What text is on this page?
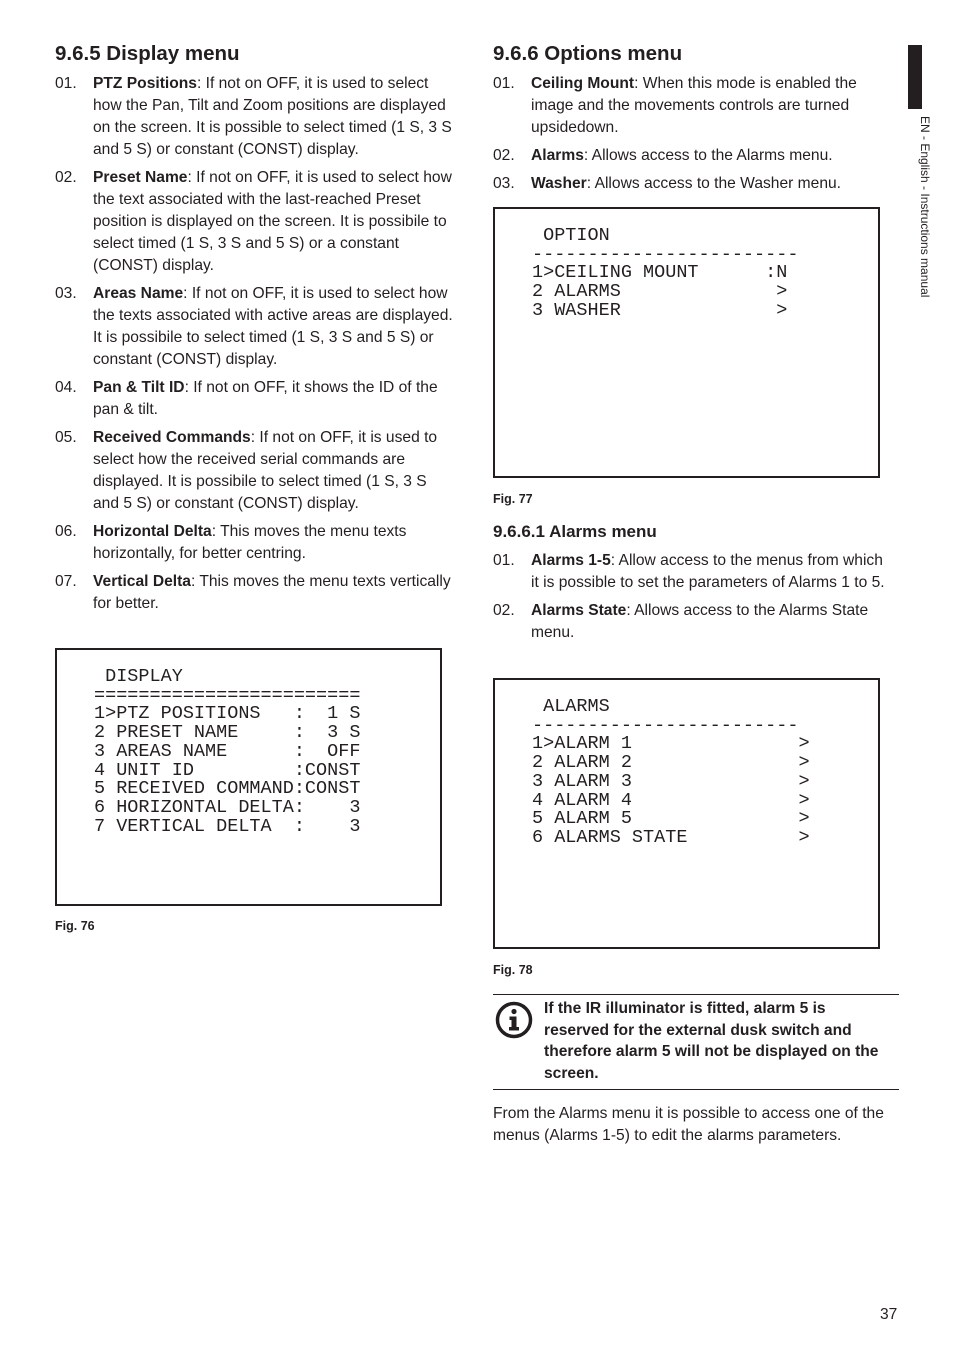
EN - English - Instructions manual
9.6.5 Display menu
01. PTZ Positions: If not on OFF, it is used to select how the Pan, Tilt and Zoom positions are displayed on the screen. It is possible to select timed (1 S, 3 S and 5 S) or constant (CONST) display.
02. Preset Name: If not on OFF, it is used to select how the text associated with the last-reached Preset position is displayed on the screen. It is possibile to select timed (1 S, 3 S and 5 S) or a constant (CONST) display.
03. Areas Name: If not on OFF, it is used to select how the texts associated with active areas are displayed. It is possibile to select timed (1 S, 3 S and 5 S) or constant (CONST) display.
04. Pan & Tilt ID: If not on OFF, it shows the ID of the pan & tilt.
05. Received Commands: If not on OFF, it is used to select how the received serial commands are displayed. It is possibile to select timed (1 S, 3 S and 5 S) or constant (CONST) display.
06. Horizontal Delta: This moves the menu texts horizontally, for better centring.
07. Vertical Delta: This moves the menu texts vertically for better.
DISPLAY
========================
1>PTZ POSITIONS   :  1 S
2 PRESET NAME     :  3 S
3 AREAS NAME      :  OFF
4 UNIT ID         :CONST
5 RECEIVED COMMAND:CONST
6 HORIZONTAL DELTA:    3
7 VERTICAL DELTA  :    3
Fig. 76
9.6.6 Options menu
01. Ceiling Mount: When this mode is enabled the image and the movements controls are turned upsidedown.
02. Alarms: Allows access to the Alarms menu.
03. Washer: Allows access to the Washer menu.
OPTION
------------------------
1>CEILING MOUNT      :N
2 ALARMS              >
3 WASHER              >
Fig. 77
9.6.6.1 Alarms menu
01. Alarms 1-5: Allow access to the menus from which it is possible to set the parameters of Alarms 1 to 5.
02. Alarms State: Allows access to the Alarms State menu.
ALARMS
------------------------
1>ALARM 1               >
2 ALARM 2               >
3 ALARM 3               >
4 ALARM 4               >
5 ALARM 5               >
6 ALARMS STATE          >
Fig. 78
If the IR illuminator is fitted, alarm 5 is reserved for the external dusk switch and therefore alarm 5 will not be displayed on the screen.
From the Alarms menu it is possible to access one of the menus (Alarms 1-5) to edit the alarms parameters.
37
